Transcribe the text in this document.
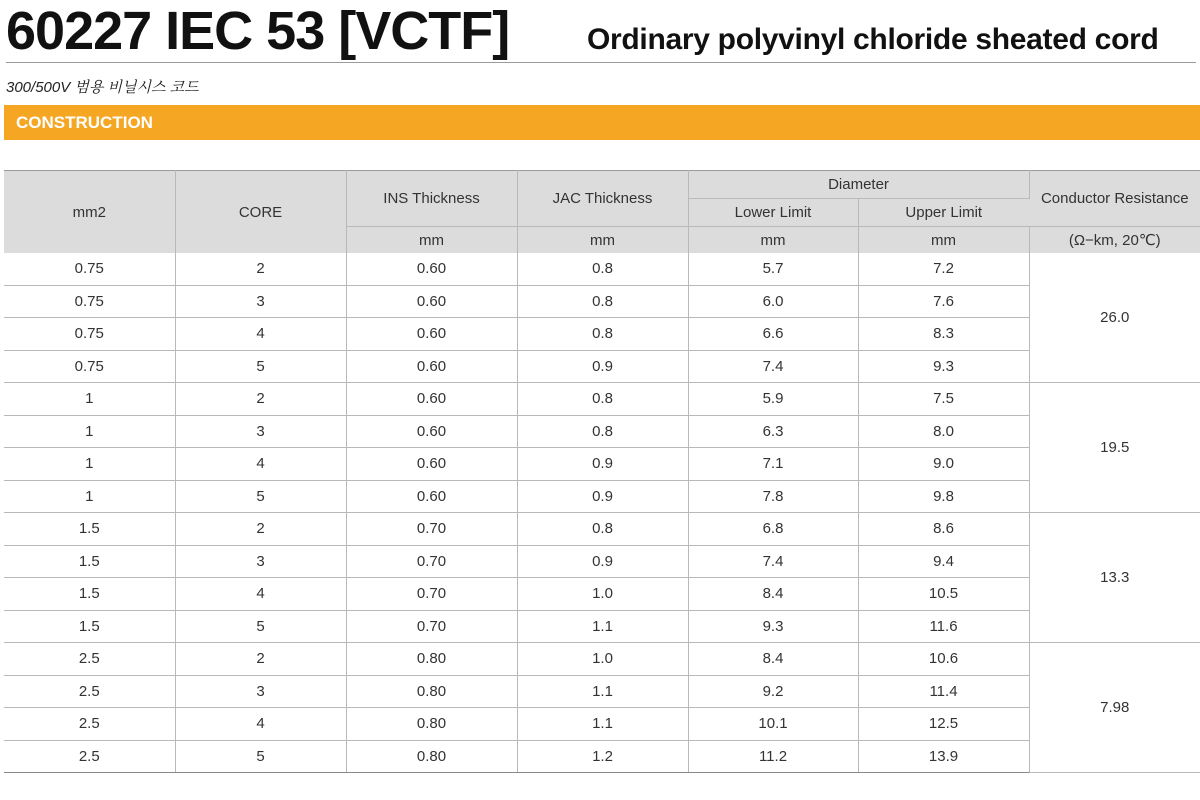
60227 IEC 53 [VCTF]	Ordinary polyvinyl chloride sheated cord
300/500V 범용 비닐시스 코드
CONSTRUCTION
mm2	CORE	INS Thickness	JAC Thickness	Diameter		Conductor Resistance
				Lower Limit	Upper Limit	
		mm	mm	mm	mm	(Ω−km, 20℃)
0.75	2	0.60	0.8	5.7	7.2	26.0
0.75	3	0.60	0.8	6.0	7.6	
0.75	4	0.60	0.8	6.6	8.3	
0.75	5	0.60	0.9	7.4	9.3	
1	2	0.60	0.8	5.9	7.5	19.5
1	3	0.60	0.8	6.3	8.0	
1	4	0.60	0.9	7.1	9.0	
1	5	0.60	0.9	7.8	9.8	
1.5	2	0.70	0.8	6.8	8.6	13.3
1.5	3	0.70	0.9	7.4	9.4	
1.5	4	0.70	1.0	8.4	10.5	
1.5	5	0.70	1.1	9.3	11.6	
2.5	2	0.80	1.0	8.4	10.6	7.98
2.5	3	0.80	1.1	9.2	11.4	
2.5	4	0.80	1.1	10.1	12.5	
2.5	5	0.80	1.2	11.2	13.9	
